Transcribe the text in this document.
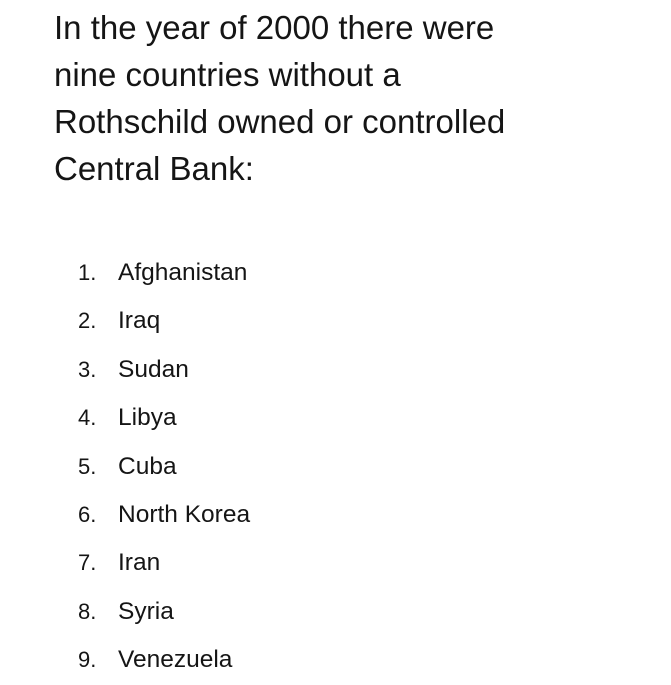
In the year of 2000 there were
nine countries without a
Rothschild owned or controlled
Central Bank:
1. Afghanistan
2. Iraq
3. Sudan
4. Libya
5. Cuba
6. North Korea
7. Iran
8. Syria
9. Venezuela
